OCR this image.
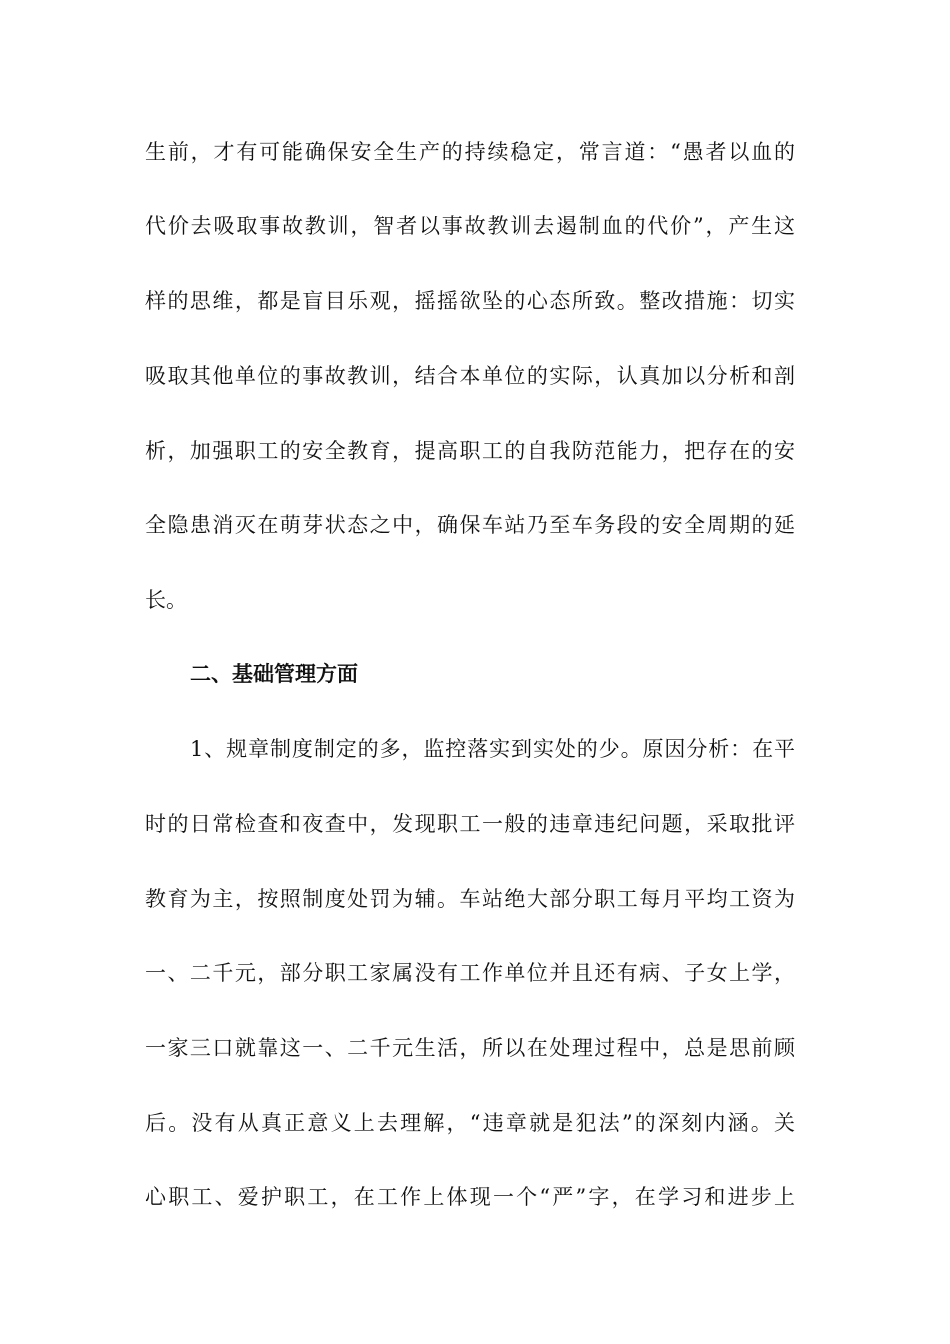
生前，才有可能确保安全生产的持续稳定，常言道：“愚者以血的
代价去吸取事故教训，智者以事故教训去遏制血的代价”，产生这
样的思维，都是盲目乐观，摇摇欲坠的心态所致。整改措施：切实
吸取其他单位的事故教训，结合本单位的实际，认真加以分析和剖
析，加强职工的安全教育，提高职工的自我防范能力，把存在的安
全隐患消灭在萌芽状态之中，确保车站乃至车务段的安全周期的延
长。
二、基础管理方面
1、规章制度制定的多，监控落实到实处的少。原因分析：在平
时的日常检查和夜查中，发现职工一般的违章违纪问题，采取批评
教育为主，按照制度处罚为辅。车站绝大部分职工每月平均工资为
一、二千元，部分职工家属没有工作单位并且还有病、子女上学，
一家三口就靠这一、二千元生活，所以在处理过程中，总是思前顾
后。没有从真正意义上去理解，“违章就是犯法”的深刻内涵。关
心职工、爱护职工，在工作上体现一个“严”字，在学习和进步上
